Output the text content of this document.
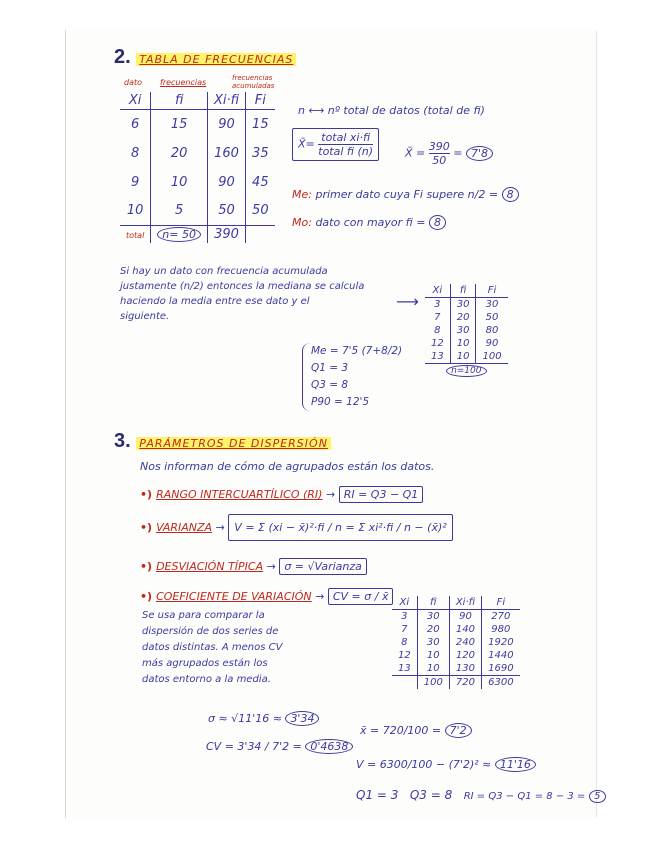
2. TABLA DE FRECUENCIAS
dato frecuencias	frecuencias acumuladas
Xi	fi	Xi·fi	Fi
6	15	90	15
8	20	160	35
9	10	90	45
10	5	50	50
total	n= 50	390	
n ⟷ nº total de datos (total de fi)
X̄= $\frac{\text{total xi·fi}}{\text{total fi (n)}}$	X̄ = $\frac{390}{50} = 7'8$
Me: primer dato cuya Fi supere n/2 = 8
Mo: dato con mayor fi = 8
Si hay un dato con frecuencia acumulada
justamente (n/2) entonces la mediana se calcula
haciendo la media entre ese dato y el
siguiente.
⟶
Xi	fi	Fi
3	30	30
7	20	50
8	30	80
12	10	90
13	10	100
n=100		
Me = 7'5 (7+8/2)
Q1 = 3
Q3 = 8
P90 = 12'5
3. PARÁMETROS DE DISPERSIÓN
Nos informan de cómo de agrupados están los datos.
•) RANGO INTERCUARTÍLICO (RI) → RI = Q3 − Q1
•) VARIANZA → V = Σ (xi − x̄)²·fi / n = Σ xi²·fi / n − (x̄)²
•) DESVIACIÓN TÍPICA → σ = √Varianza
•) COEFICIENTE DE VARIACIÓN → CV = σ / x̄
Se usa para comparar la
dispersión de dos series de
datos distintas. A menos CV
más agrupados están los
datos entorno a la media.
Xi	fi	Xi·fi	Fi
3	30	90	270
7	20	140	980
8	30	240	1920
12	10	120	1440
13	10	130	1690
	100	720	6300
σ ≈ √11'16 ≈ 3'34
CV = 3'34 / 7'2 = 0'4638
x̄ = 720/100 = 7'2
V = 6300/100 − (7'2)² ≈ 11'16
Q1 = 3 Q3 = 8 RI = Q3 − Q1 = 8 − 3 = 5
